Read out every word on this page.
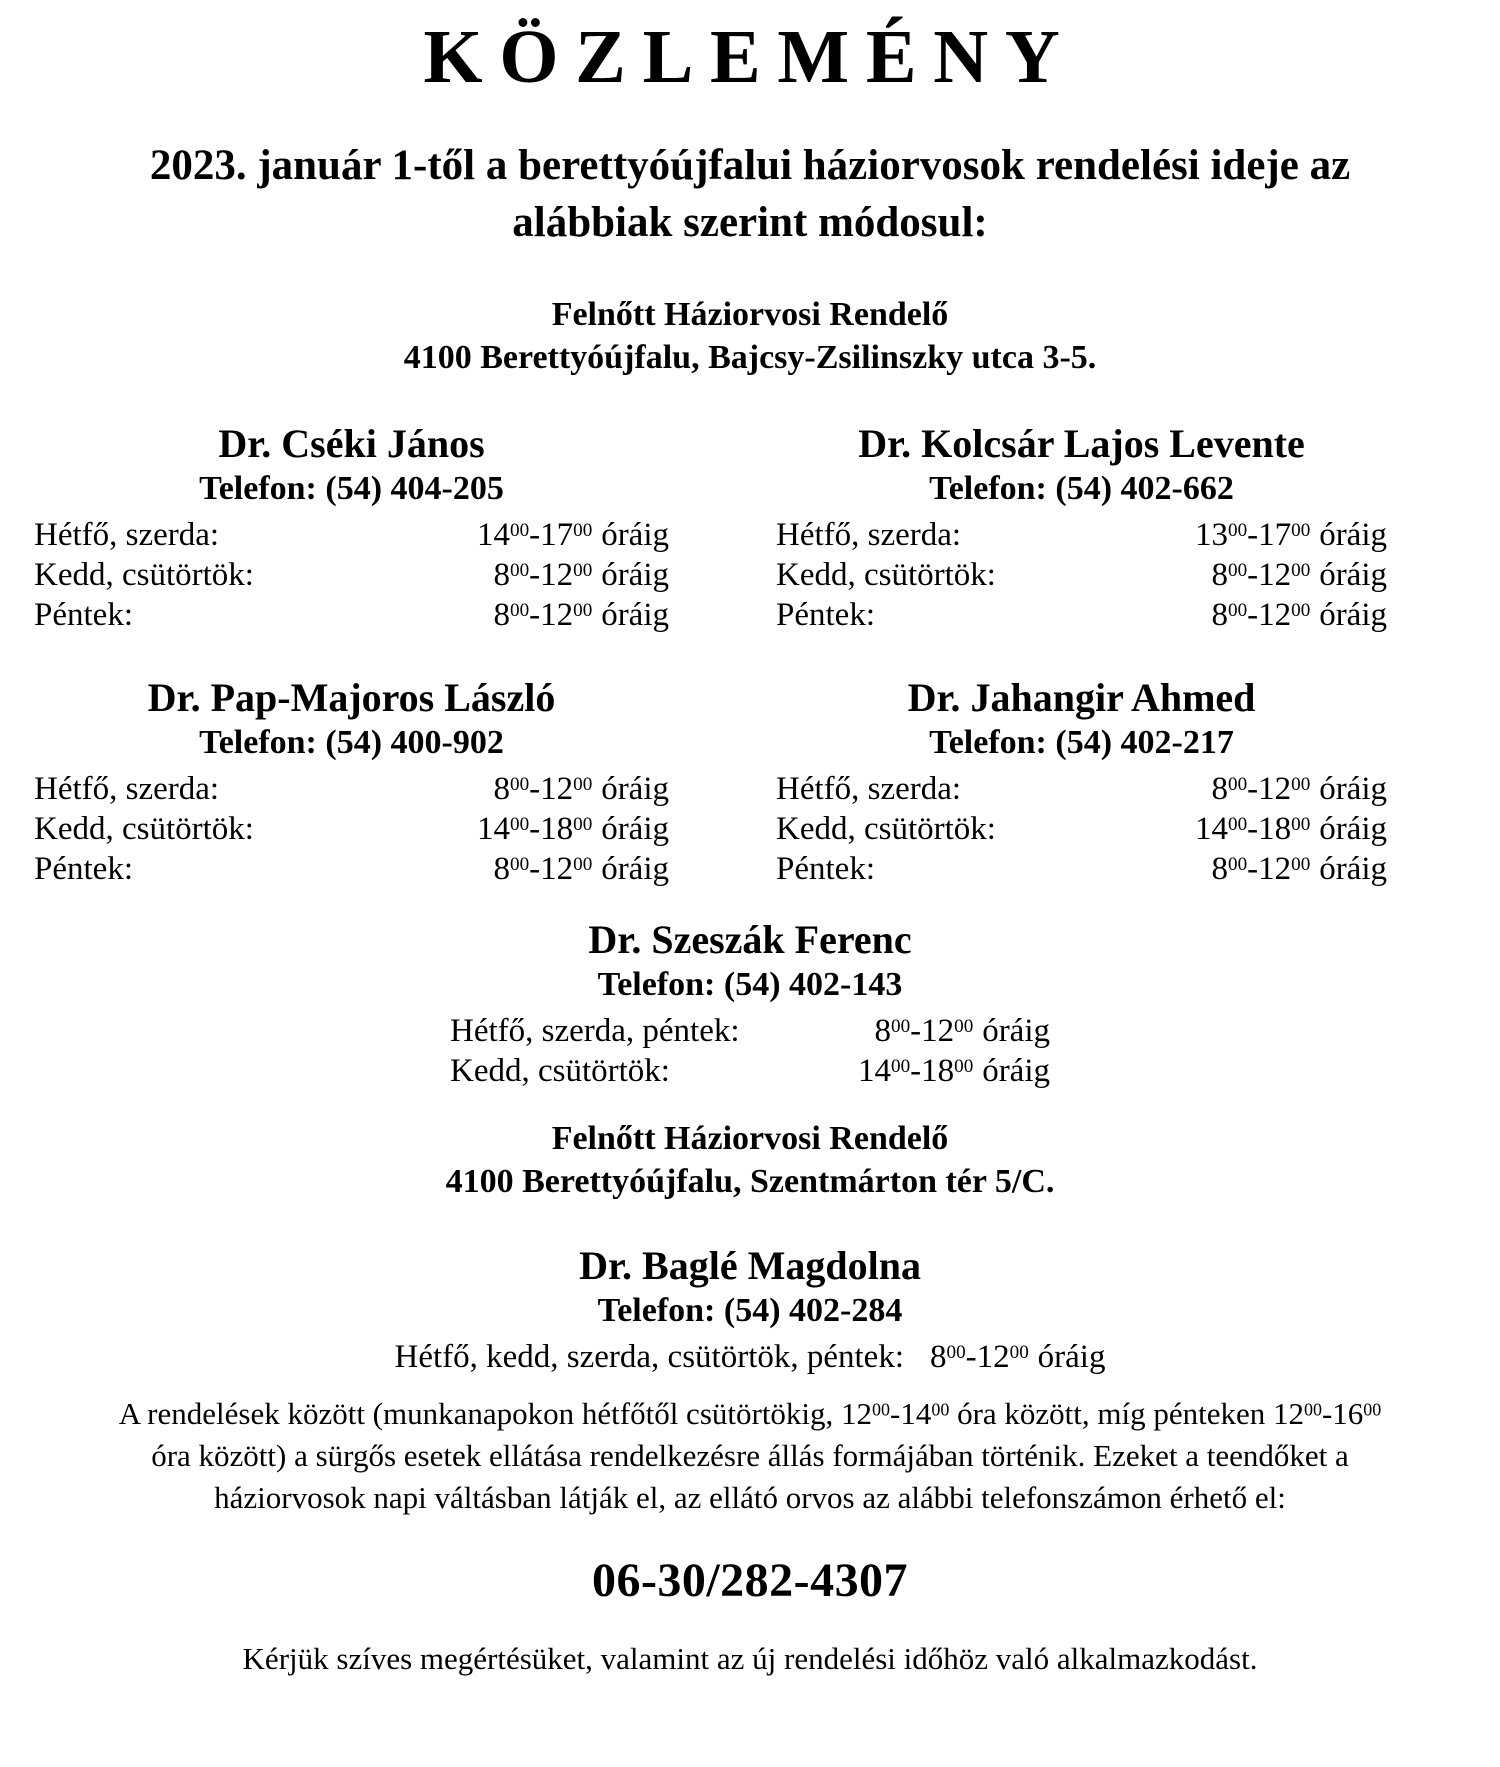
KÖZLEMÉNY
2023. január 1-től a berettyóújfalui háziorvosok rendelési ideje az
alábbiak szerint módosul:
Felnőtt Háziorvosi Rendelő
4100 Berettyóújfalu, Bajcsy-Zsilinszky utca 3-5.
Dr. Cséki János
Telefon: (54) 404-205
Hétfő, szerda:	$14^{00}-17^{00}$ óráig
Kedd, csütörtök:	$8^{00}-12^{00}$ óráig
Péntek:	$8^{00}-12^{00}$ óráig
Dr. Kolcsár Lajos Levente
Telefon: (54) 402-662
Hétfő, szerda:	$13^{00}-17^{00}$ óráig
Kedd, csütörtök:	$8^{00}-12^{00}$ óráig
Péntek:	$8^{00}-12^{00}$ óráig
Dr. Pap-Majoros László
Telefon: (54) 400-902
Hétfő, szerda:	$8^{00}-12^{00}$ óráig
Kedd, csütörtök:	$14^{00}-18^{00}$ óráig
Péntek:	$8^{00}-12^{00}$ óráig
Dr. Jahangir Ahmed
Telefon: (54) 402-217
Hétfő, szerda:	$8^{00}-12^{00}$ óráig
Kedd, csütörtök:	$14^{00}-18^{00}$ óráig
Péntek:	$8^{00}-12^{00}$ óráig
Dr. Szeszák Ferenc
Telefon: (54) 402-143
Hétfő, szerda, péntek:	$8^{00}-12^{00}$ óráig
Kedd, csütörtök:	$14^{00}-18^{00}$ óráig
Felnőtt Háziorvosi Rendelő
4100 Berettyóújfalu, Szentmárton tér 5/C.
Dr. Baglé Magdolna
Telefon: (54) 402-284
Hétfő, kedd, szerda, csütörtök, péntek: $8^{00}-12^{00}$ óráig
A rendelések között (munkanapokon hétfőtől csütörtökig, $12^{00}-14^{00}$ óra között, míg pénteken $12^{00}-16^{00}$
óra között) a sürgős esetek ellátása rendelkezésre állás formájában történik. Ezeket a teendőket a
háziorvosok napi váltásban látják el, az ellátó orvos az alábbi telefonszámon érhető el:
06-30/282-4307
Kérjük szíves megértésüket, valamint az új rendelési időhöz való alkalmazkodást.
